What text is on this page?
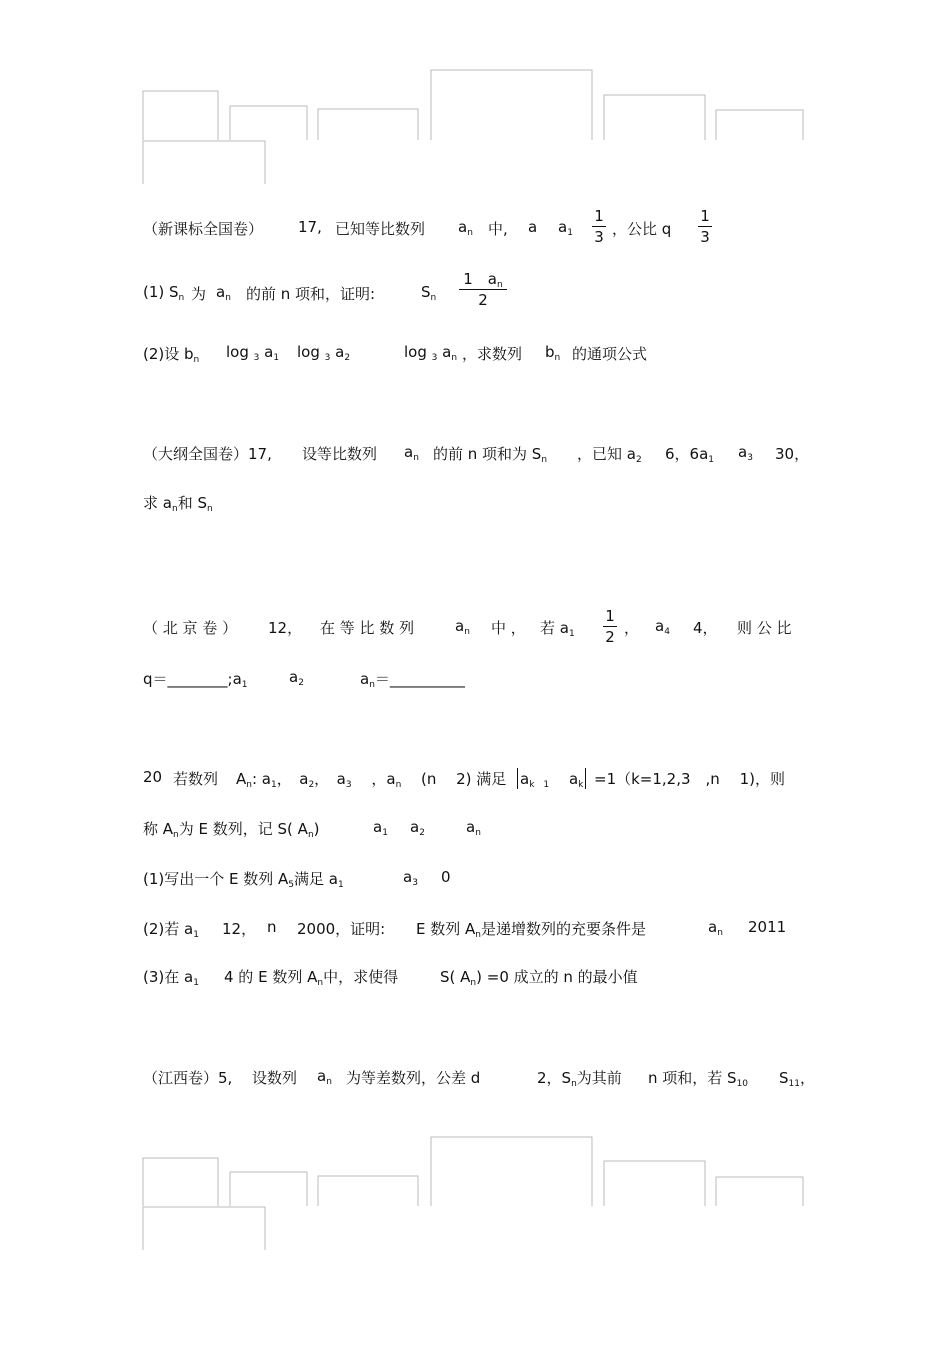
（新课标全国卷） 17, 已知等比数列 $a_n$ 中, a $a_1$
1
3 ，公比 q
1
3
(1) $S_n$ 为 $a_n$ 的前 n 项和，证明:	$S_n$
1　$a_n$
2
(2)设 $b_n$ log $_3$ $a_1$ log $_3$ $a_2$	log $_3$ $a_n$ ，求数列 $b_n$ 的通项公式
（大纲全国卷）17, 设等比数列 $a_n$ 的前 n 项和为 $S_n$ ，已知 $a_2$ 6，$6a_1$ $a_3$ 30，
求 $a_n$和 $S_n$
（ 北 京 卷 ） 12， 在 等 比 数 列	$a_n$ 中 ， 若 $a_1$
1
2 ， $a_4$ 4， 则 公 比
$q=\_\_\_\_\_\_\_\_;a_1$	$a_2$	$a_n=\_\_\_\_\_\_\_\_\_\_$
20 若数列 $A_n$: $a_1$，　$a_2$，　$a_3$　 ，$a_n$ (n　 2) 满足 $a_{k 1}$　 $a_k =1(k=1,2,3$　,n　 1)，则
称 $A_n$为 E 数列，记 S( $A_n$)	$a_1$ $a_2$	$a_n$
(1)写出一个 E 数列 $A_5$满足 $a_1$	$a_3$ 0
(2)若 $a_1$ 12， n 2000，证明: E 数列 $A_n$是递增数列的充要条件是	$a_n$ 2011
(3)在 $a_1$ 4 的 E 数列 $A_n$中，求使得	S( $A_n) =0$ 成立的 n 的最小值
（江西卷）5, 设数列 $a_n$ 为等差数列，公差 d	2，$S_n$为其前 n 项和，若 $S_{10}$ $S_{11}$，
